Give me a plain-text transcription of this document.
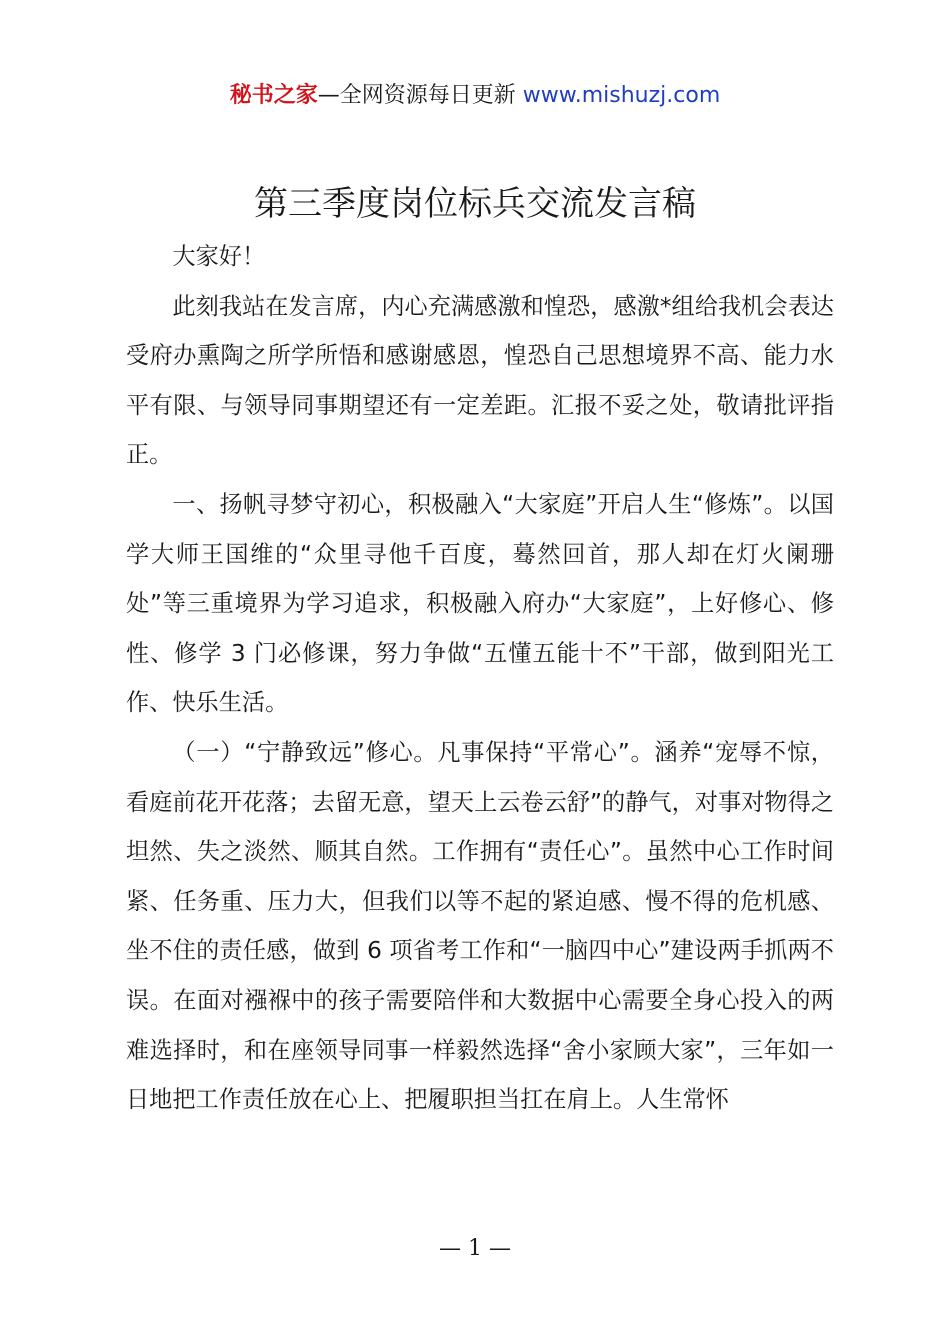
秘书之家—全网资源每日更新 www.mishuzj.com
第三季度岗位标兵交流发言稿

大家好！

此刻我站在发言席，内心充满感激和惶恐，感激*组给我机会表达受府办熏陶之所学所悟和感谢感恩，惶恐自己思想境界不高、能力水平有限、与领导同事期望还有一定差距。汇报不妥之处，敬请批评指正。

一、扬帆寻梦守初心，积极融入“大家庭”开启人生“修炼”。以国学大师王国维的“众里寻他千百度，蓦然回首，那人却在灯火阑珊处”等三重境界为学习追求，积极融入府办“大家庭”，上好修心、修性、修学 3 门必修课，努力争做“五懂五能十不”干部，做到阳光工作、快乐生活。

（一）“宁静致远”修心。凡事保持“平常心”。涵养“宠辱不惊，看庭前花开花落；去留无意，望天上云卷云舒”的静气，对事对物得之坦然、失之淡然、顺其自然。工作拥有“责任心”。虽然中心工作时间紧、任务重、压力大，但我们以等不起的紧迫感、慢不得的危机感、坐不住的责任感，做到 6 项省考工作和“一脑四中心”建设两手抓两不误。在面对襁褓中的孩子需要陪伴和大数据中心需要全身心投入的两难选择时，和在座领导同事一样毅然选择“舍小家顾大家”，三年如一日地把工作责任放在心上、把履职担当扛在肩上。人生常怀

— 1 —
